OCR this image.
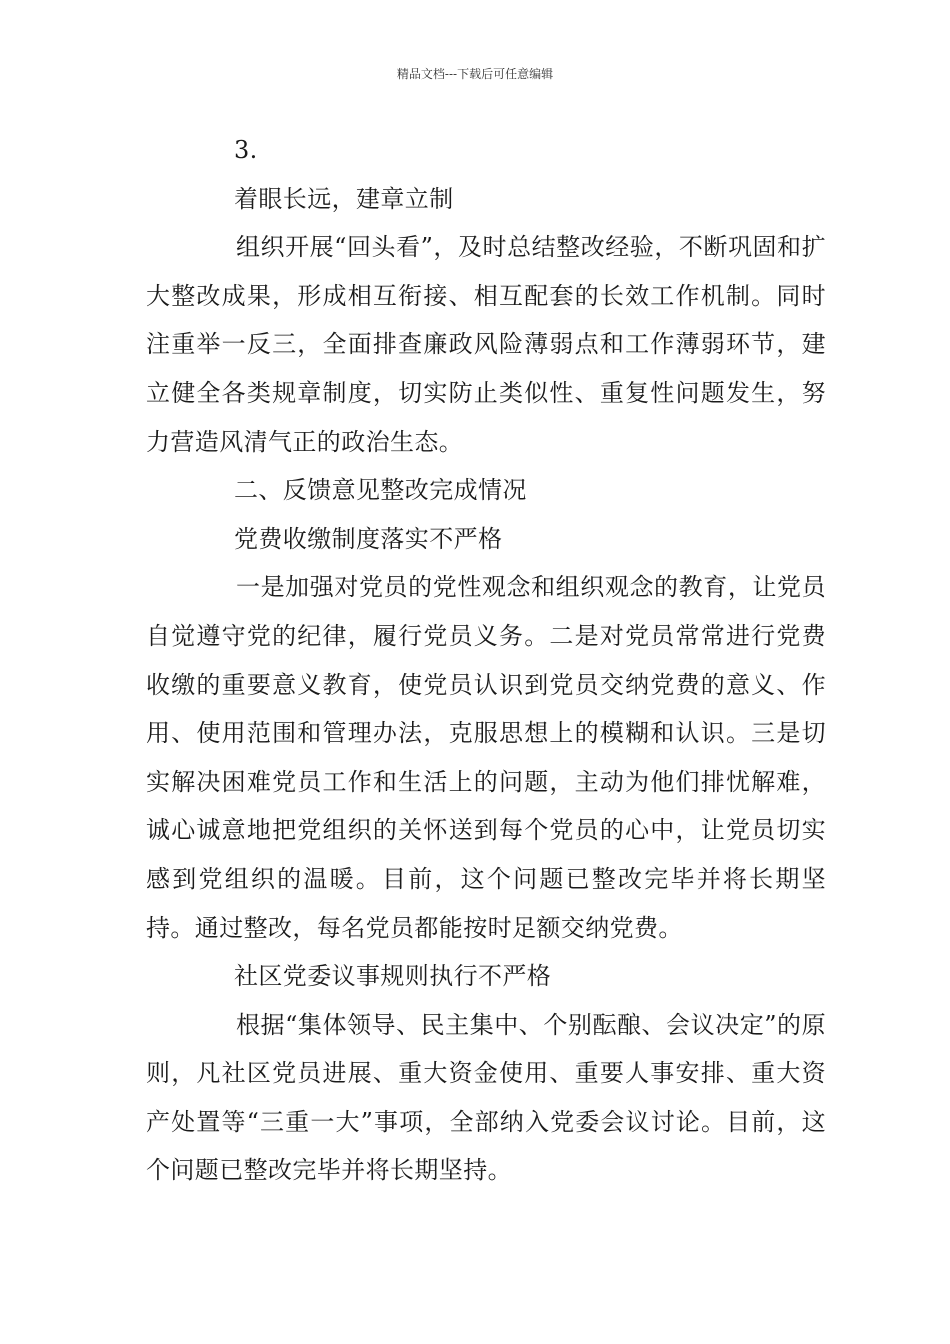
精品文档---下载后可任意编辑

3.

着眼长远，建章立制

组织开展“回头看”，及时总结整改经验，不断巩固和扩大整改成果，形成相互衔接、相互配套的长效工作机制。同时注重举一反三，全面排查廉政风险薄弱点和工作薄弱环节，建立健全各类规章制度，切实防止类似性、重复性问题发生，努力营造风清气正的政治生态。

二、反馈意见整改完成情况

党费收缴制度落实不严格

一是加强对党员的党性观念和组织观念的教育，让党员自觉遵守党的纪律，履行党员义务。二是对党员常常进行党费收缴的重要意义教育，使党员认识到党员交纳党费的意义、作用、使用范围和管理办法，克服思想上的模糊和认识。三是切实解决困难党员工作和生活上的问题，主动为他们排忧解难，诚心诚意地把党组织的关怀送到每个党员的心中，让党员切实感到党组织的温暖。目前，这个问题已整改完毕并将长期坚持。通过整改，每名党员都能按时足额交纳党费。

社区党委议事规则执行不严格

根据“集体领导、民主集中、个别酝酿、会议决定”的原则，凡社区党员进展、重大资金使用、重要人事安排、重大资产处置等“三重一大”事项，全部纳入党委会议讨论。目前，这个问题已整改完毕并将长期坚持。
